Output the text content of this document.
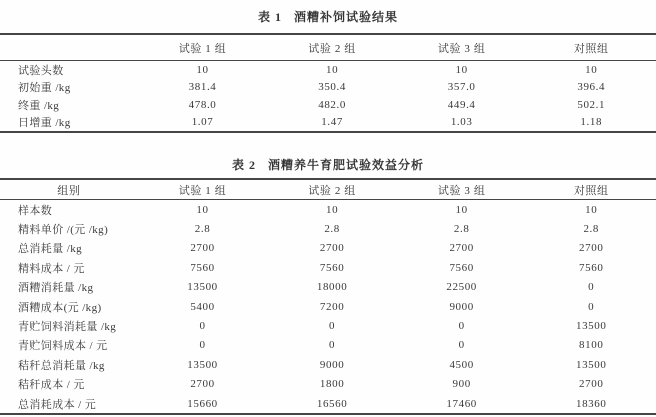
表 1 酒糟补饲试验结果
	试验 1 组	试验 2 组	试验 3 组	对照组
试验头数	10	10	10	10
初始重 /kg	381.4	350.4	357.0	396.4
终重 /kg	478.0	482.0	449.4	502.1
日增重 /kg	1.07	1.47	1.03	1.18
表 2 酒糟养牛育肥试验效益分析
组别	试验 1 组	试验 2 组	试验 3 组	对照组
样本数	10	10	10	10
精料单价 /(元 /kg)	2.8	2.8	2.8	2.8
总消耗量 /kg	2700	2700	2700	2700
精料成本 / 元	7560	7560	7560	7560
酒糟消耗量 /kg	13500	18000	22500	0
酒糟成本(元 /kg)	5400	7200	9000	0
青贮饲料消耗量 /kg	0	0	0	13500
青贮饲料成本 / 元	0	0	0	8100
秸秆总消耗量 /kg	13500	9000	4500	13500
秸秆成本 / 元	2700	1800	900	2700
总消耗成本 / 元	15660	16560	17460	18360
